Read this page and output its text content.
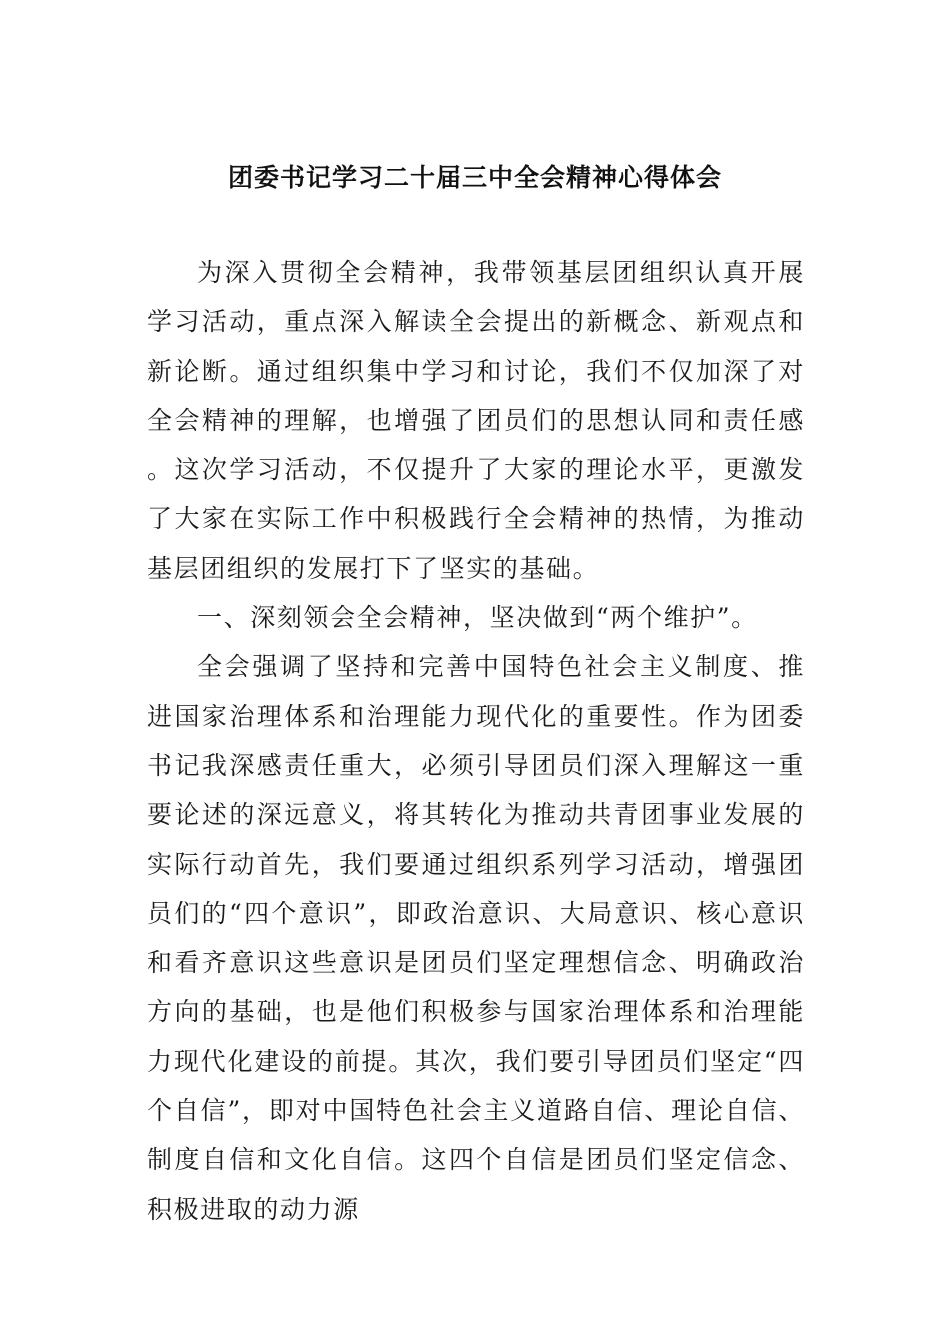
团委书记学习二十届三中全会精神心得体会

为深入贯彻全会精神，我带领基层团组织认真开展学习活动，重点深入解读全会提出的新概念、新观点和新论断。通过组织集中学习和讨论，我们不仅加深了对全会精神的理解，也增强了团员们的思想认同和责任感。这次学习活动，不仅提升了大家的理论水平，更激发了大家在实际工作中积极践行全会精神的热情，为推动基层团组织的发展打下了坚实的基础。

一、深刻领会全会精神，坚决做到“两个维护”。

全会强调了坚持和完善中国特色社会主义制度、推进国家治理体系和治理能力现代化的重要性。作为团委书记我深感责任重大，必须引导团员们深入理解这一重要论述的深远意义，将其转化为推动共青团事业发展的实际行动首先，我们要通过组织系列学习活动，增强团员们的“四个意识”，即政治意识、大局意识、核心意识和看齐意识这些意识是团员们坚定理想信念、明确政治方向的基础，也是他们积极参与国家治理体系和治理能力现代化建设的前提。其次，我们要引导团员们坚定“四个自信”，即对中国特色社会主义道路自信、理论自信、制度自信和文化自信。这四个自信是团员们坚定信念、积极进取的动力源
